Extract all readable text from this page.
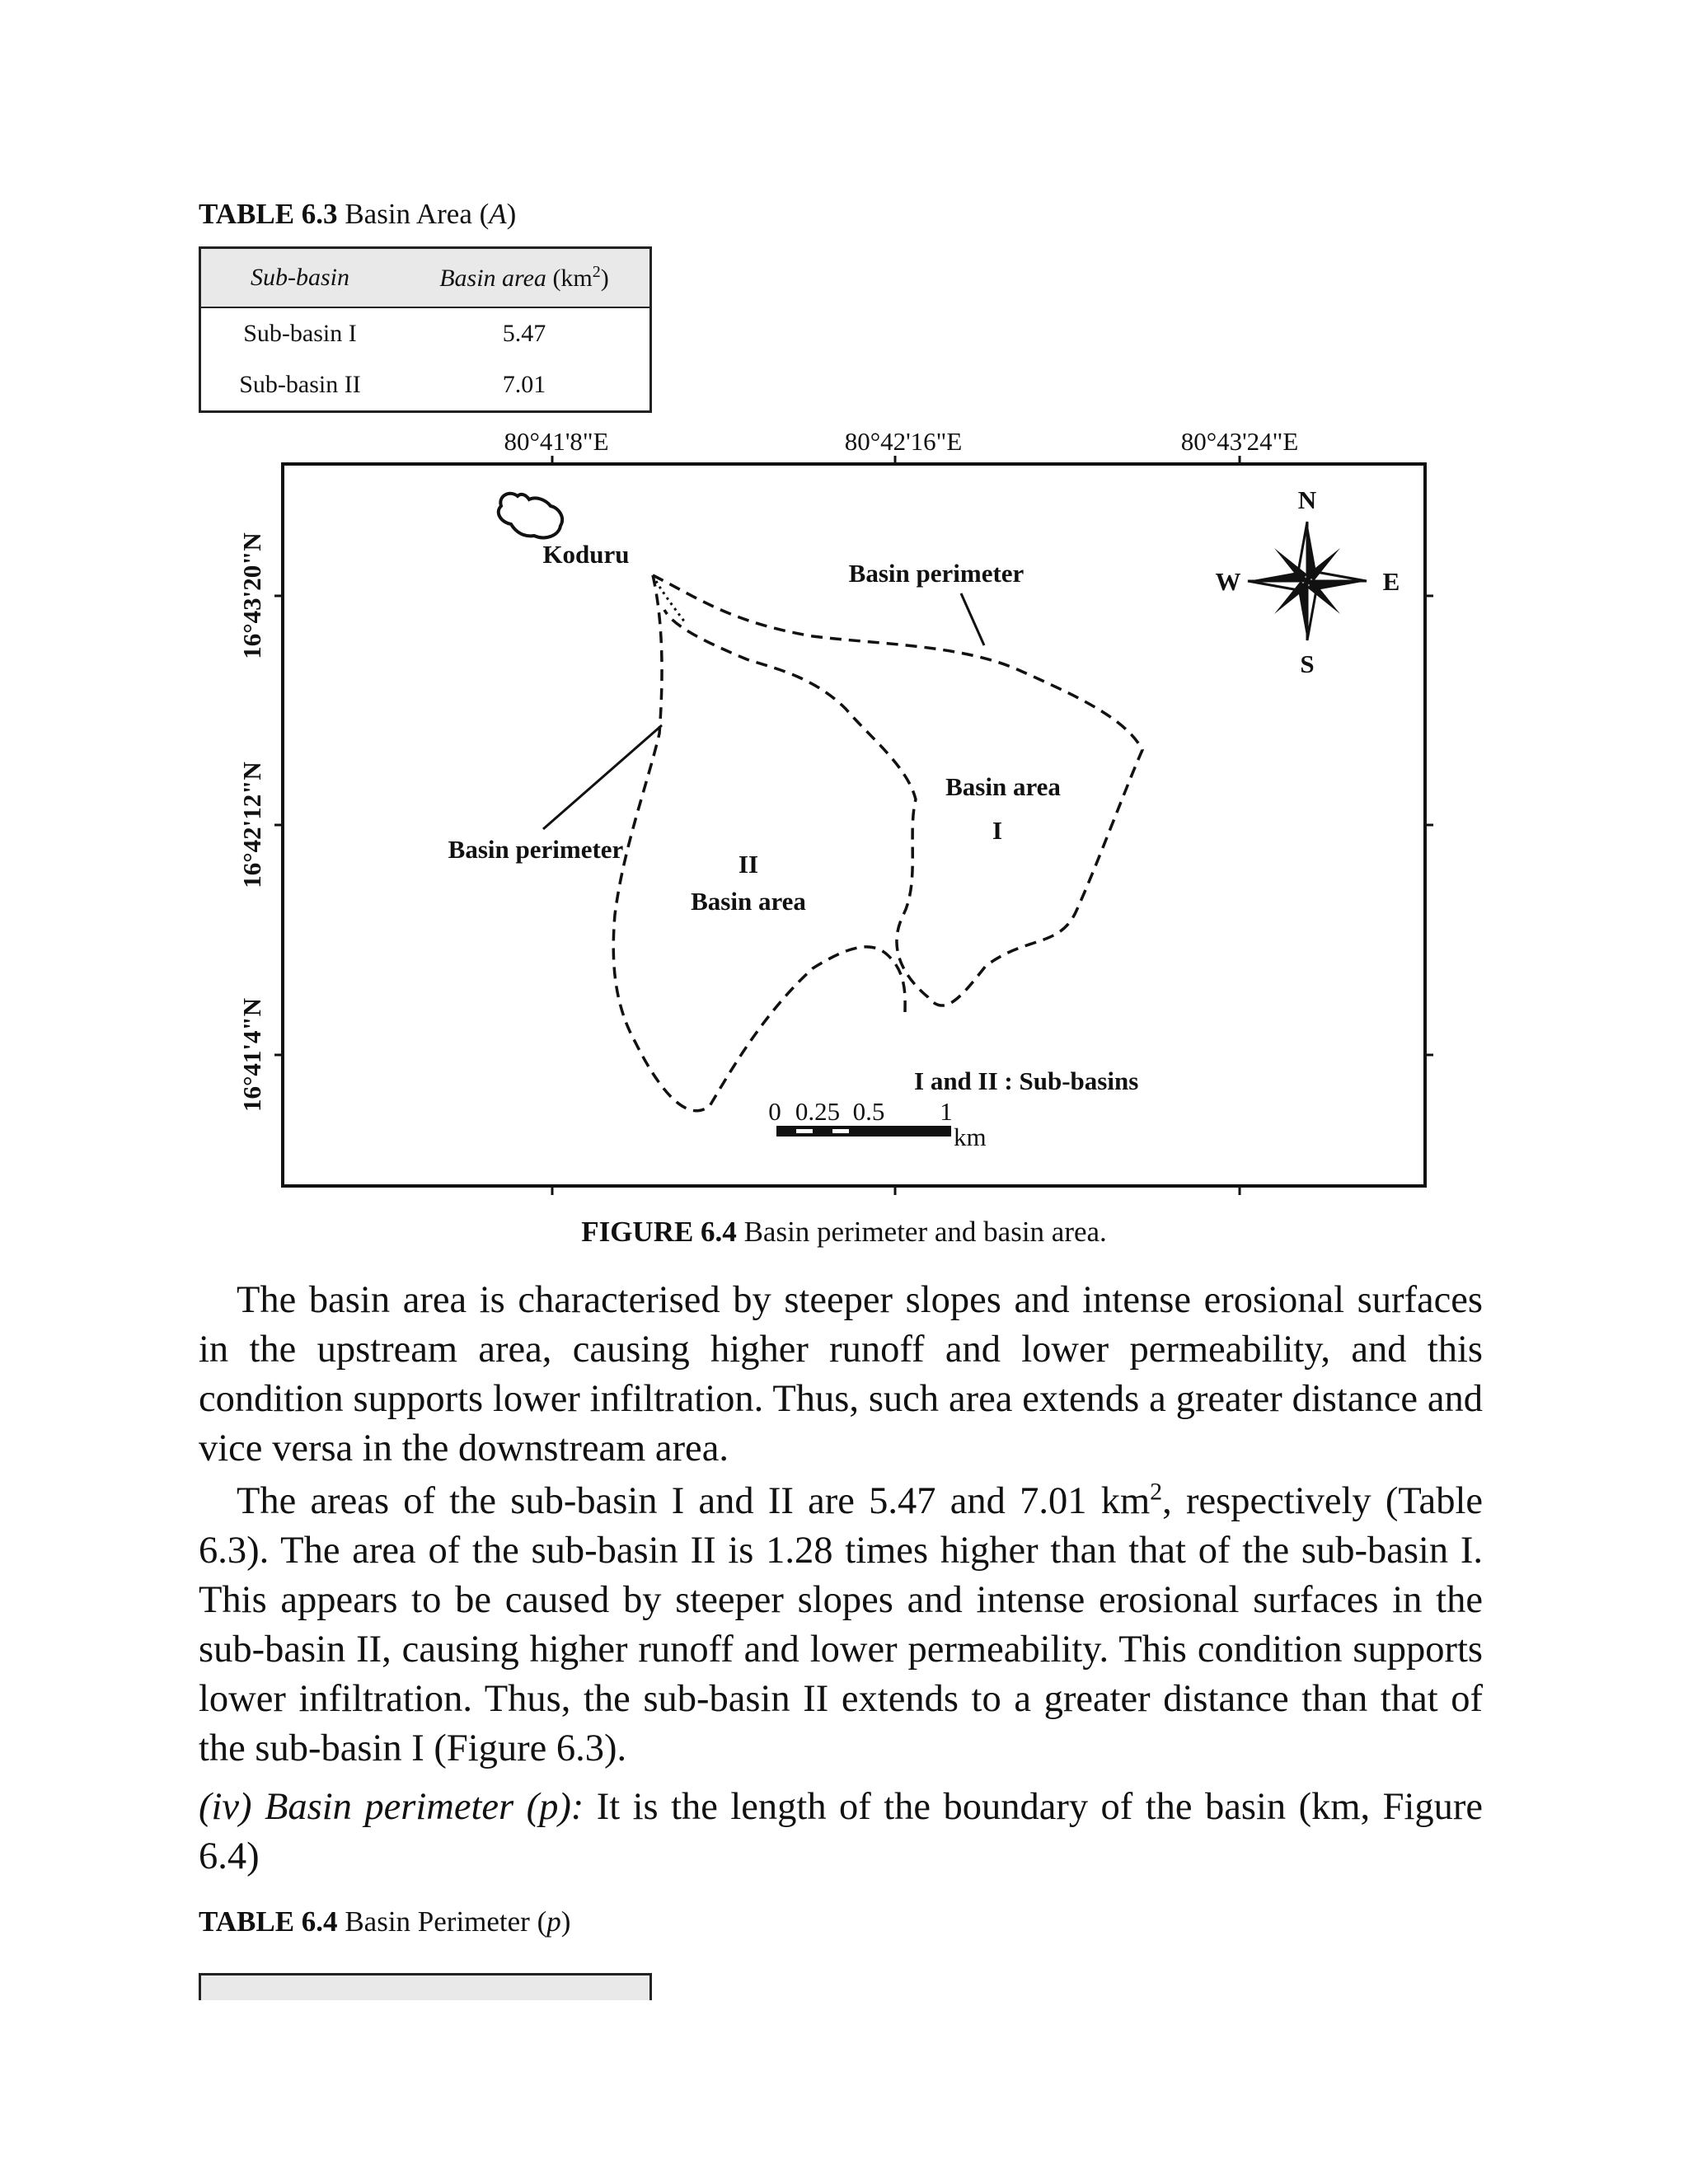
TABLE 6.3 Basin Area (A)
Sub-basin	Basin area $(km^2)$
Sub-basin I	5.47
Sub-basin II	7.01
80°41'8"E	80°42'16"E	80°43'24"E
16°43'20"N
16°42'12"N
16°41'4"N
Koduru
Basin perimeter
Basin perimeter
Basin area
I
II
Basin area
N
S
W	E
I and II : Sub-basins
0 0.25 0.5 1
km
FIGURE 6.4 Basin perimeter and basin area.

The basin area is characterised by steeper slopes and intense erosional surfaces in the upstream area, causing higher runoff and lower permeability, and this condition supports lower infiltration. Thus, such area extends a greater distance and vice versa in the downstream area.

The areas of the sub-basin I and II are 5.47 and 7.01 $km^2$, respectively (Table 6.3). The area of the sub-basin II is 1.28 times higher than that of the sub-basin I. This appears to be caused by steeper slopes and intense erosional surfaces in the sub-basin II, causing higher runoff and lower permeability. This condition supports lower infiltration. Thus, the sub-basin II extends to a greater distance than that of the sub-basin I (Figure 6.3).

(iv) Basin perimeter (p): It is the length of the boundary of the basin (km, Figure 6.4)

TABLE 6.4 Basin Perimeter (p)
